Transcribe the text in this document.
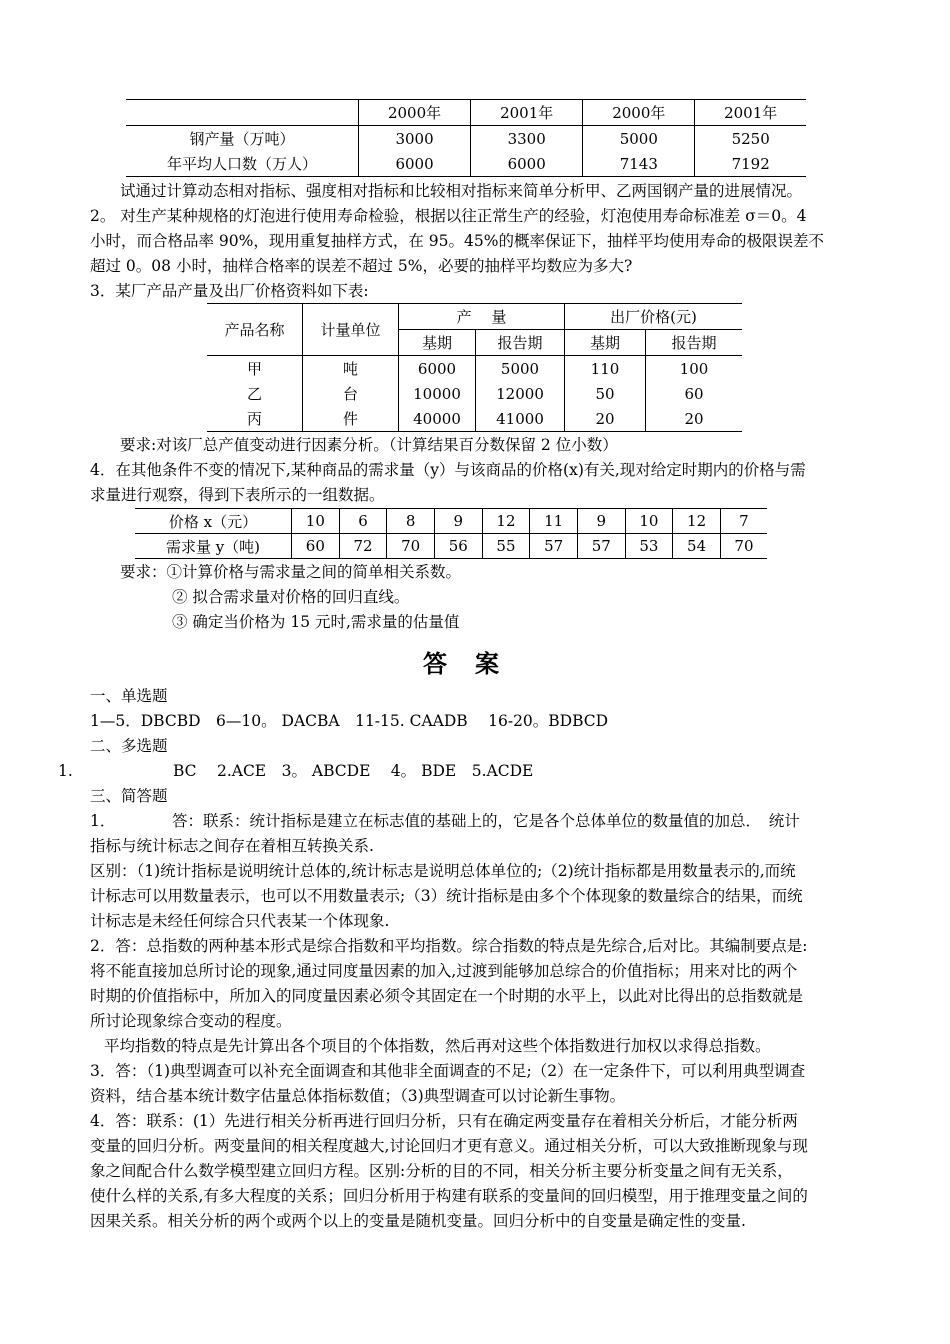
	2000年	2001年	2000年	2001年
钢产量（万吨）	3000	3300	5000	5250
年平均人口数（万人）	6000	6000	7143	7192
试通过计算动态相对指标、强度相对指标和比较相对指标来简单分析甲、乙两国钢产量的进展情况。
2。 对生产某种规格的灯泡进行使用寿命检验，根据以往正常生产的经验，灯泡使用寿命标准差 σ＝0。4
小时，而合格品率 90%，现用重复抽样方式，在 95。45%的概率保证下，抽样平均使用寿命的极限误差不
超过 0。08 小时，抽样合格率的误差不超过 5%，必要的抽样平均数应为多大?
3．某厂产品产量及出厂价格资料如下表:
产品名称	计量单位	产　 量		出厂价格(元)	
		基期	报告期	基期	报告期
甲	吨	6000	5000	110	100
乙	台	10000	12000	50	60
丙	件	40000	41000	20	20
要求:对该厂总产值变动进行因素分析。（计算结果百分数保留 2 位小数）
4．在其他条件不变的情况下,某种商品的需求量（y）与该商品的价格(x)有关,现对给定时期内的价格与需
求量进行观察，得到下表所示的一组数据。
价格 x（元）	10	6	8	9	12	11	9	10	12	7
需求量 y（吨)	60	72	70	56	55	57	57	53	54	70
要求：①计算价格与需求量之间的简单相关系数。
② 拟合需求量对价格的回归直线。
③ 确定当价格为 15 元时,需求量的估量值
答案
一、单选题
1—5．DBCBD　6—10。 DACBA　11-15. CAADB　 16-20。BDBCD
二、多选题
1.	BC　 2.ACE　3。 ABCDE　 4。 BDE　5.ACDE
三、简答题
1．	答：联系：统计指标是建立在标志值的基础上的，它是各个总体单位的数量值的加总．　统计
指标与统计标志之间存在着相互转换关系.
区别：（1)统计指标是说明统计总体的,统计标志是说明总体单位的;（2)统计指标都是用数量表示的,而统
计标志可以用数量表示，也可以不用数量表示;（3）统计指标是由多个个体现象的数量综合的结果，而统
计标志是未经任何综合只代表某一个体现象.
2．答：总指数的两种基本形式是综合指数和平均指数。综合指数的特点是先综合,后对比。其编制要点是:
将不能直接加总所讨论的现象,通过同度量因素的加入,过渡到能够加总综合的价值指标；用来对比的两个
时期的价值指标中，所加入的同度量因素必须令其固定在一个时期的水平上，以此对比得出的总指数就是
所讨论现象综合变动的程度。
平均指数的特点是先计算出各个项目的个体指数，然后再对这些个体指数进行加权以求得总指数。
3．答：（1)典型调查可以补充全面调查和其他非全面调查的不足;（2）在一定条件下，可以利用典型调查
资料，结合基本统计数字估量总体指标数值；（3)典型调查可以讨论新生事物。
4．答：联系：(1）先进行相关分析再进行回归分析，只有在确定两变量存在着相关分析后，才能分析两
变量的回归分析。两变量间的相关程度越大,讨论回归才更有意义。通过相关分析，可以大致推断现象与现
象之间配合什么数学模型建立回归方程。区别:分析的目的不同，相关分析主要分析变量之间有无关系，
使什么样的关系,有多大程度的关系；回归分析用于构建有联系的变量间的回归模型，用于推理变量之间的
因果关系。相关分析的两个或两个以上的变量是随机变量。回归分析中的自变量是确定性的变量.
